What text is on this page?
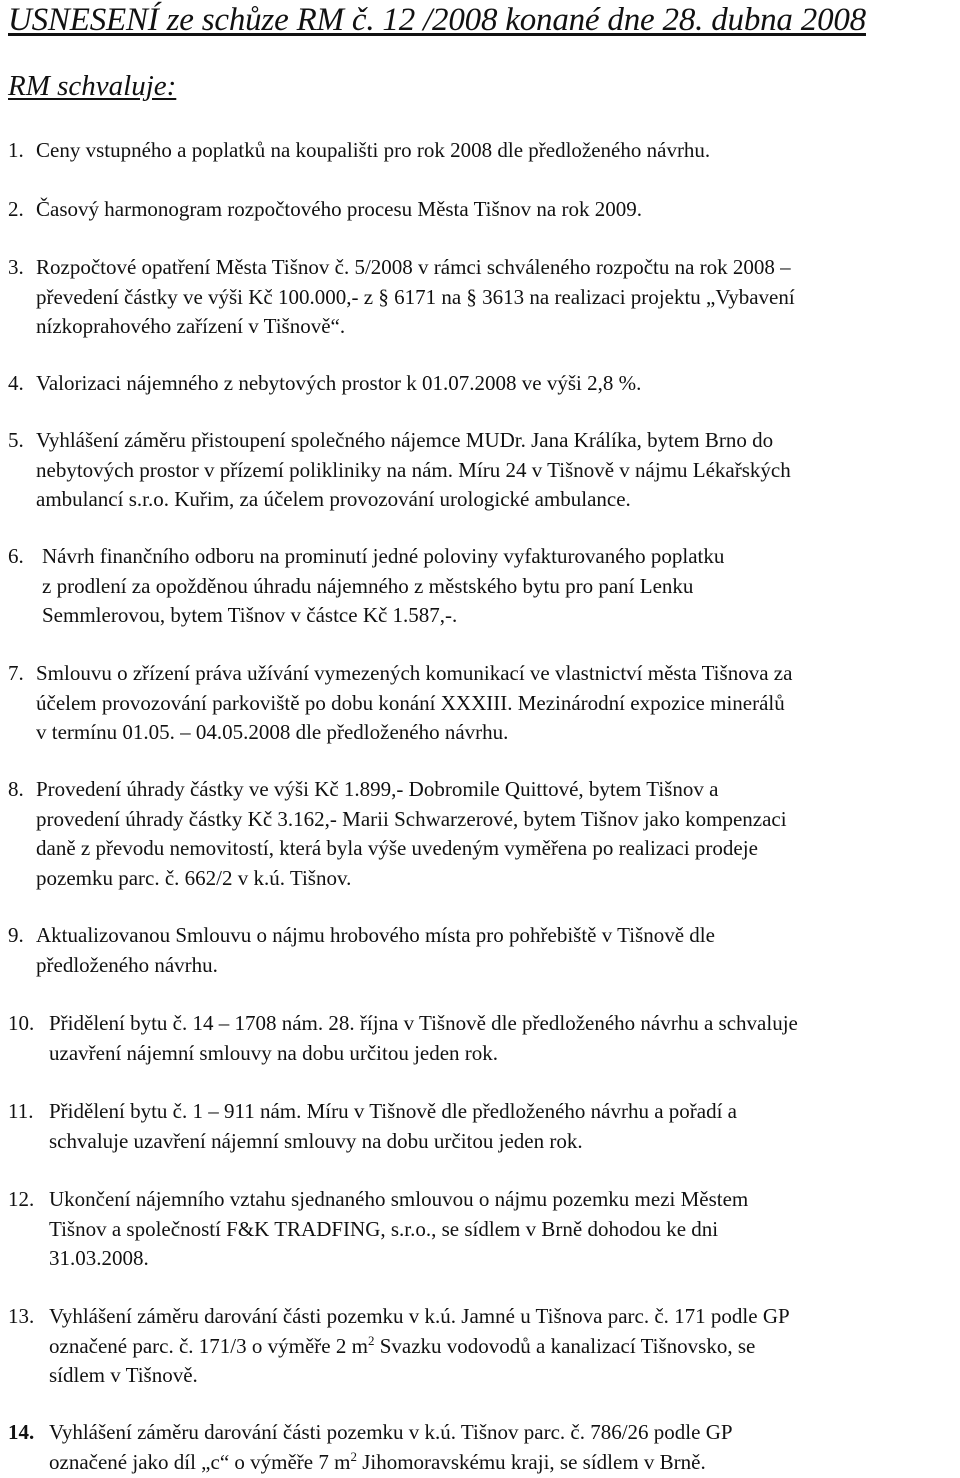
USNESENÍ ze schůze RM č. 12 /2008 konané dne 28. dubna 2008
RM schvaluje:
1. Ceny vstupného a poplatků na koupališti pro rok 2008 dle předloženého návrhu.
2. Časový harmonogram rozpočtového procesu Města Tišnov na rok 2009.
3. Rozpočtové opatření Města Tišnov č. 5/2008 v rámci schváleného rozpočtu na rok 2008 –
převedení částky ve výši Kč 100.000,- z § 6171 na § 3613 na realizaci projektu „Vybavení
nízkoprahového zařízení v Tišnově“.
4. Valorizaci nájemného z nebytových prostor k 01.07.2008 ve výši 2,8 %.
5. Vyhlášení záměru přistoupení společného nájemce MUDr. Jana Králíka, bytem Brno do
nebytových prostor v přízemí polikliniky na nám. Míru 24 v Tišnově v nájmu Lékařských
ambulancí s.r.o. Kuřim, za účelem provozování urologické ambulance.
6. Návrh finančního odboru na prominutí jedné poloviny vyfakturovaného poplatku
z prodlení za opožděnou úhradu nájemného z městského bytu pro paní Lenku
Semmlerovou, bytem Tišnov v částce Kč 1.587,-.
7. Smlouvu o zřízení práva užívání vymezených komunikací ve vlastnictví města Tišnova za
účelem provozování parkoviště po dobu konání XXXIII. Mezinárodní expozice minerálů
v termínu 01.05. – 04.05.2008 dle předloženého návrhu.
8. Provedení úhrady částky ve výši Kč 1.899,- Dobromile Quittové, bytem Tišnov a
provedení úhrady částky Kč 3.162,- Marii Schwarzerové, bytem Tišnov jako kompenzaci
daně z převodu nemovitostí, která byla výše uvedeným vyměřena po realizaci prodeje
pozemku parc. č. 662/2 v k.ú. Tišnov.
9. Aktualizovanou Smlouvu o nájmu hrobového místa pro pohřebiště v Tišnově dle
předloženého návrhu.
10. Přidělení bytu č. 14 – 1708 nám. 28. října v Tišnově dle předloženého návrhu a schvaluje
uzavření nájemní smlouvy na dobu určitou jeden rok.
11. Přidělení bytu č. 1 – 911 nám. Míru v Tišnově dle předloženého návrhu a pořadí a
schvaluje uzavření nájemní smlouvy na dobu určitou jeden rok.
12. Ukončení nájemního vztahu sjednaného smlouvou o nájmu pozemku mezi Městem
Tišnov a společností F&K TRADFING, s.r.o., se sídlem v Brně dohodou ke dni
31.03.2008.
13. Vyhlášení záměru darování části pozemku v k.ú. Jamné u Tišnova parc. č. 171 podle GP
označené parc. č. 171/3 o výměře 2 $m^2$ Svazku vodovodů a kanalizací Tišnovsko, se
sídlem v Tišnově.
14. Vyhlášení záměru darování části pozemku v k.ú. Tišnov parc. č. 786/26 podle GP
označené jako díl „c“ o výměře 7 $m^2$ Jihomoravskému kraji, se sídlem v Brně.
